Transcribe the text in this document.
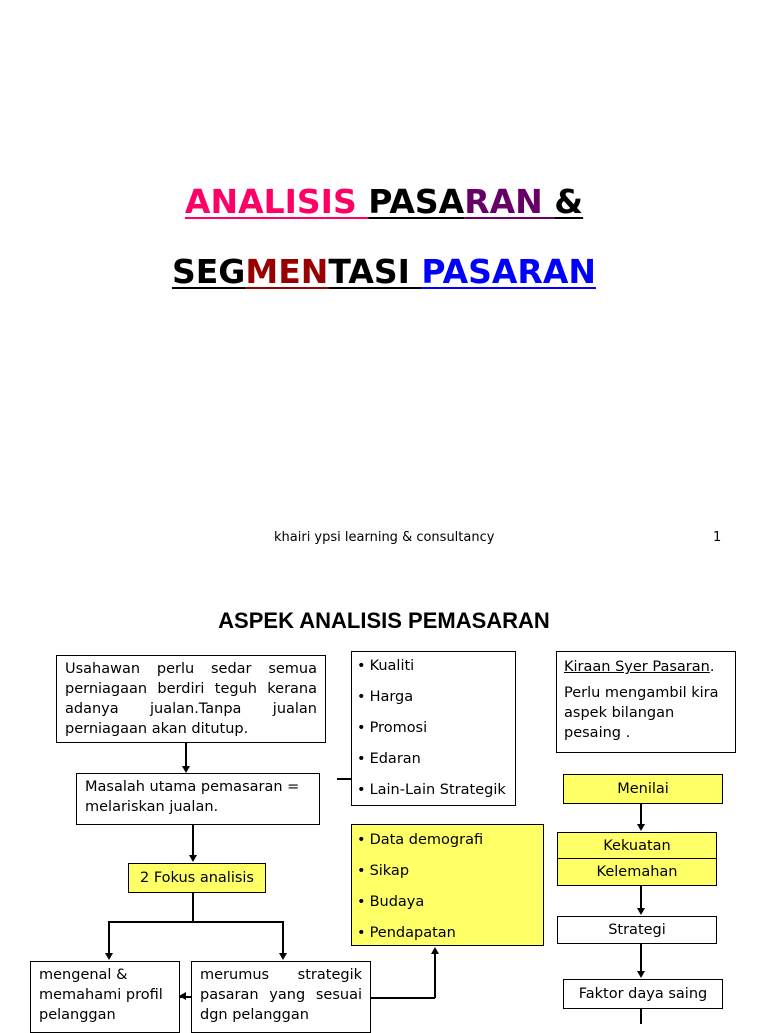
ANALISIS PASARAN &
SEGMENTASI PASARAN
khairi ypsi learning & consultancy	1
ASPEK ANALISIS PEMASARAN
Usahawan perlu sedar semua perniagaan berdiri teguh kerana adanya jualan.Tanpa jualan perniagaan akan ditutup.
Masalah utama pemasaran = melariskan jualan.
2 Fokus analisis
mengenal & memahami profil pelanggan
merumus strategik pasaran yang sesuai dgn pelanggan
• Kualiti
• Harga
• Promosi
• Edaran
• Lain-Lain Strategik
• Data demografi
• Sikap
• Budaya
• Pendapatan
Kiraan Syer Pasaran.
Perlu mengambil kira aspek bilangan pesaing .
Menilai
Kekuatan
Kelemahan
Strategi
Faktor daya saing
